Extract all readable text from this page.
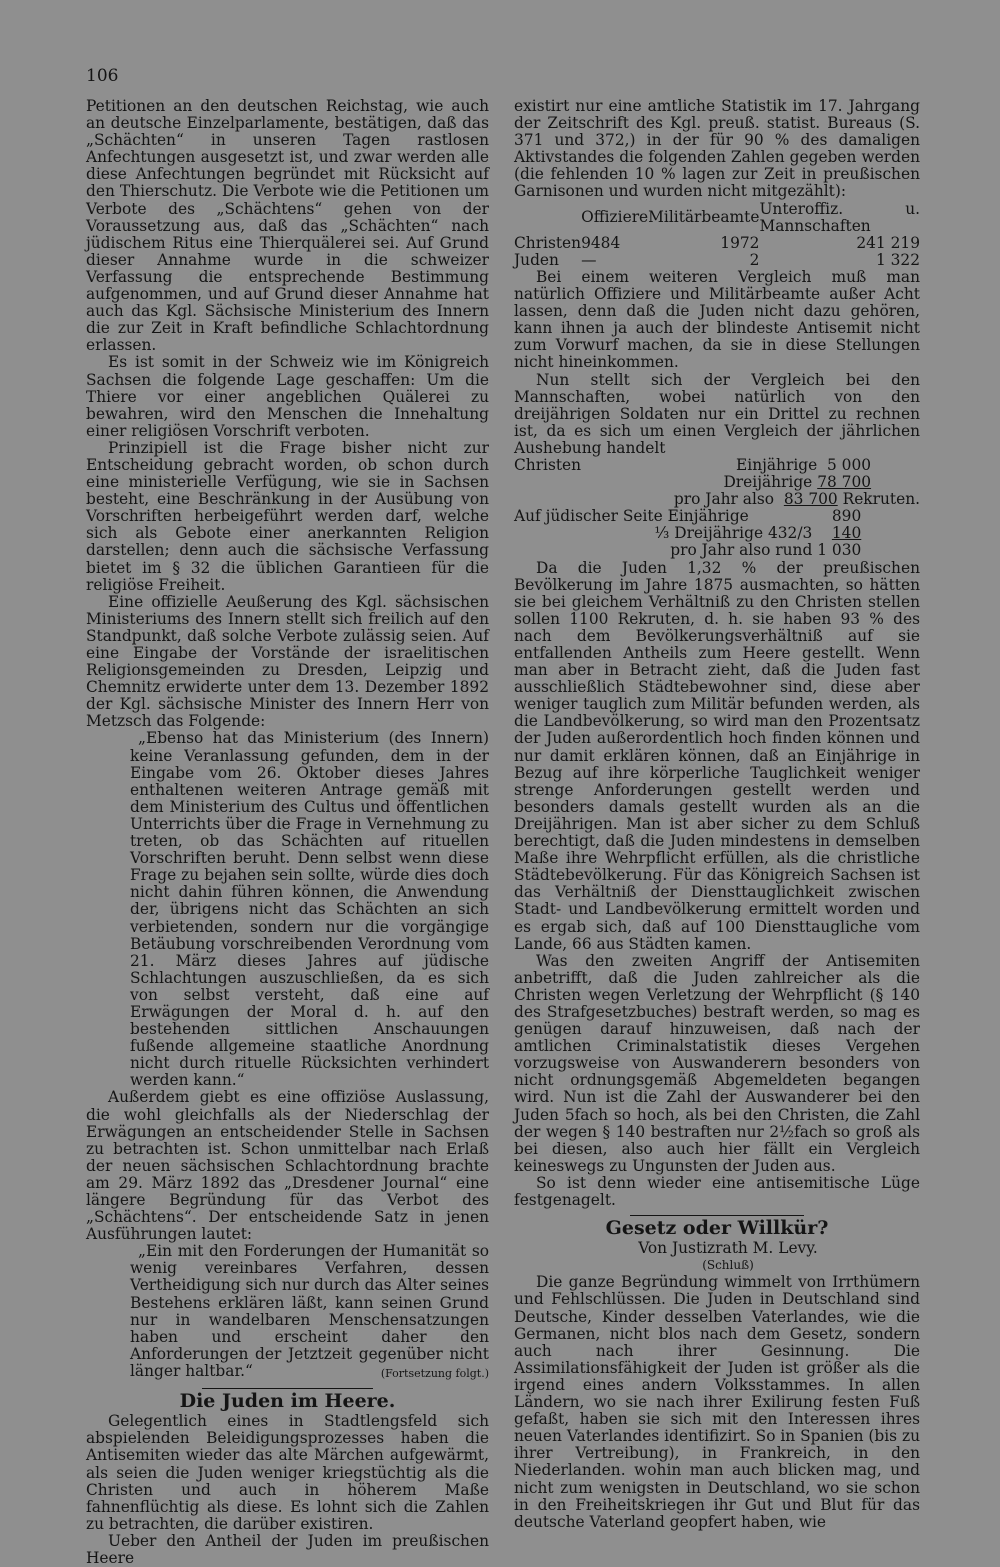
106

Petitionen an den deutschen Reichstag, wie auch an deutsche Einzelparlamente, bestätigen, daß das „Schächten“ in unseren Tagen rastlosen Anfechtungen ausgesetzt ist, und zwar werden alle diese Anfechtungen begründet mit Rücksicht auf den Thierschutz. Die Verbote wie die Petitionen um Verbote des „Schächtens“ gehen von der Voraussetzung aus, daß das „Schächten“ nach jüdischem Ritus eine Thierquälerei sei. Auf Grund dieser Annahme wurde in die schweizer Verfassung die entsprechende Bestimmung aufgenommen, und auf Grund dieser Annahme hat auch das Kgl. Sächsische Ministerium des Innern die zur Zeit in Kraft befindliche Schlachtordnung erlassen.

Es ist somit in der Schweiz wie im Königreich Sachsen die folgende Lage geschaffen: Um die Thiere vor einer angeblichen Quälerei zu bewahren, wird den Menschen die Innehaltung einer religiösen Vorschrift verboten.

Prinzipiell ist die Frage bisher nicht zur Entscheidung gebracht worden, ob schon durch eine ministerielle Verfügung, wie sie in Sachsen besteht, eine Beschränkung in der Ausübung von Vorschriften herbeigeführt werden darf, welche sich als Gebote einer anerkannten Religion darstellen; denn auch die sächsische Verfassung bietet im § 32 die üblichen Garantieen für die religiöse Freiheit.

Eine offizielle Aeußerung des Kgl. sächsischen Ministeriums des Innern stellt sich freilich auf den Standpunkt, daß solche Verbote zulässig seien. Auf eine Eingabe der Vorstände der israelitischen Religionsgemeinden zu Dresden, Leipzig und Chemnitz erwiderte unter dem 13. Dezember 1892 der Kgl. sächsische Minister des Innern Herr von Metzsch das Folgende:

„Ebenso hat das Ministerium (des Innern) keine Veranlassung gefunden, dem in der Eingabe vom 26. Oktober dieses Jahres enthaltenen weiteren Antrage gemäß mit dem Ministerium des Cultus und öffentlichen Unterrichts über die Frage in Vernehmung zu treten, ob das Schächten auf rituellen Vorschriften beruht. Denn selbst wenn diese Frage zu bejahen sein sollte, würde dies doch nicht dahin führen können, die Anwendung der, übrigens nicht das Schächten an sich verbietenden, sondern nur die vorgängige Betäubung vorschreibenden Verordnung vom 21. März dieses Jahres auf jüdische Schlachtungen auszuschließen, da es sich von selbst versteht, daß eine auf Erwägungen der Moral d. h. auf den bestehenden sittlichen Anschauungen fußende allgemeine staatliche Anordnung nicht durch rituelle Rücksichten verhindert werden kann.“

Außerdem giebt es eine offiziöse Auslassung, die wohl gleichfalls als der Niederschlag der Erwägungen an entscheidender Stelle in Sachsen zu betrachten ist. Schon unmittelbar nach Erlaß der neuen sächsischen Schlachtordnung brachte am 29. März 1892 das „Dresdener Journal“ eine längere Begründung für das Verbot des „Schächtens“. Der entscheidende Satz in jenen Ausführungen lautet:

„Ein mit den Forderungen der Humanität so wenig vereinbares Verfahren, dessen Vertheidigung sich nur durch das Alter seines Bestehens erklären läßt, kann seinen Grund nur in wandelbaren Menschensatzungen haben und erscheint daher den Anforderungen der Jetztzeit gegenüber nicht länger haltbar.“	(Fortsetzung folgt.)
Die Juden im Heere.

Gelegentlich eines in Stadtlengsfeld sich abspielenden Beleidigungsprozesses haben die Antisemiten wieder das alte Märchen aufgewärmt, als seien die Juden weniger kriegstüchtig als die Christen und auch in höherem Maße fahnenflüchtig als diese. Es lohnt sich die Zahlen zu betrachten, die darüber existiren.

Ueber den Antheil der Juden im preußischen Heere

existirt nur eine amtliche Statistik im 17. Jahrgang der Zeitschrift des Kgl. preuß. statist. Bureaus (S. 371 und 372,) in der für 90 % des damaligen Aktivstandes die folgenden Zahlen gegeben werden (die fehlenden 10 % lagen zur Zeit in preußischen Garnisonen und wurden nicht mitgezählt):

	Offiziere	Militärbeamte	Unteroffiz. u. Mannschaften
Christen	9484	1972	241 219
Juden	—	2	1 322

Bei einem weiteren Vergleich muß man natürlich Offiziere und Militärbeamte außer Acht lassen, denn daß die Juden nicht dazu gehören, kann ihnen ja auch der blindeste Antisemit nicht zum Vorwurf machen, da sie in diese Stellungen nicht hineinkommen.

Nun stellt sich der Vergleich bei den Mannschaften, wobei natürlich von den dreijährigen Soldaten nur ein Drittel zu rechnen ist, da es sich um einen Vergleich der jährlichen Aushebung handelt

Christen	Einjährige 5 000
Dreijährige 78 700
pro Jahr also 83 700 Rekruten.
Auf jüdischer Seite Einjährige	890
⅓ Dreijährige 432/3 140
pro Jahr also rund 1 030

Da die Juden 1,32 % der preußischen Bevölkerung im Jahre 1875 ausmachten, so hätten sie bei gleichem Verhältniß zu den Christen stellen sollen 1100 Rekruten, d. h. sie haben 93 % des nach dem Bevölkerungsverhältniß auf sie entfallenden Antheils zum Heere gestellt. Wenn man aber in Betracht zieht, daß die Juden fast ausschließlich Städtebewohner sind, diese aber weniger tauglich zum Militär befunden werden, als die Landbevölkerung, so wird man den Prozentsatz der Juden außerordentlich hoch finden können und nur damit erklären können, daß an Einjährige in Bezug auf ihre körperliche Tauglichkeit weniger strenge Anforderungen gestellt werden und besonders damals gestellt wurden als an die Dreijährigen. Man ist aber sicher zu dem Schluß berechtigt, daß die Juden mindestens in demselben Maße ihre Wehrpflicht erfüllen, als die christliche Städtebevölkerung. Für das Königreich Sachsen ist das Verhältniß der Diensttauglichkeit zwischen Stadt- und Landbevölkerung ermittelt worden und es ergab sich, daß auf 100 Diensttaugliche vom Lande, 66 aus Städten kamen.

Was den zweiten Angriff der Antisemiten anbetrifft, daß die Juden zahlreicher als die Christen wegen Verletzung der Wehrpflicht (§ 140 des Strafgesetzbuches) bestraft werden, so mag es genügen darauf hinzuweisen, daß nach der amtlichen Criminalstatistik dieses Vergehen vorzugsweise von Auswanderern besonders von nicht ordnungsgemäß Abgemeldeten begangen wird. Nun ist die Zahl der Auswanderer bei den Juden 5fach so hoch, als bei den Christen, die Zahl der wegen § 140 bestraften nur 2½fach so groß als bei diesen, also auch hier fällt ein Vergleich keineswegs zu Ungunsten der Juden aus.

So ist denn wieder eine antisemitische Lüge festgenagelt.

Gesetz oder Willkür?

Von Justizrath M. Levy.

(Schluß)

Die ganze Begründung wimmelt von Irrthümern und Fehlschlüssen. Die Juden in Deutschland sind Deutsche, Kinder desselben Vaterlandes, wie die Germanen, nicht blos nach dem Gesetz, sondern auch nach ihrer Gesinnung. Die Assimilationsfähigkeit der Juden ist größer als die irgend eines andern Volksstammes. In allen Ländern, wo sie nach ihrer Exilirung festen Fuß gefaßt, haben sie sich mit den Interessen ihres neuen Vaterlandes identifizirt. So in Spanien (bis zu ihrer Vertreibung), in Frankreich, in den Niederlanden. wohin man auch blicken mag, und nicht zum wenigsten in Deutschland, wo sie schon in den Freiheitskriegen ihr Gut und Blut für das deutsche Vaterland geopfert haben, wie
